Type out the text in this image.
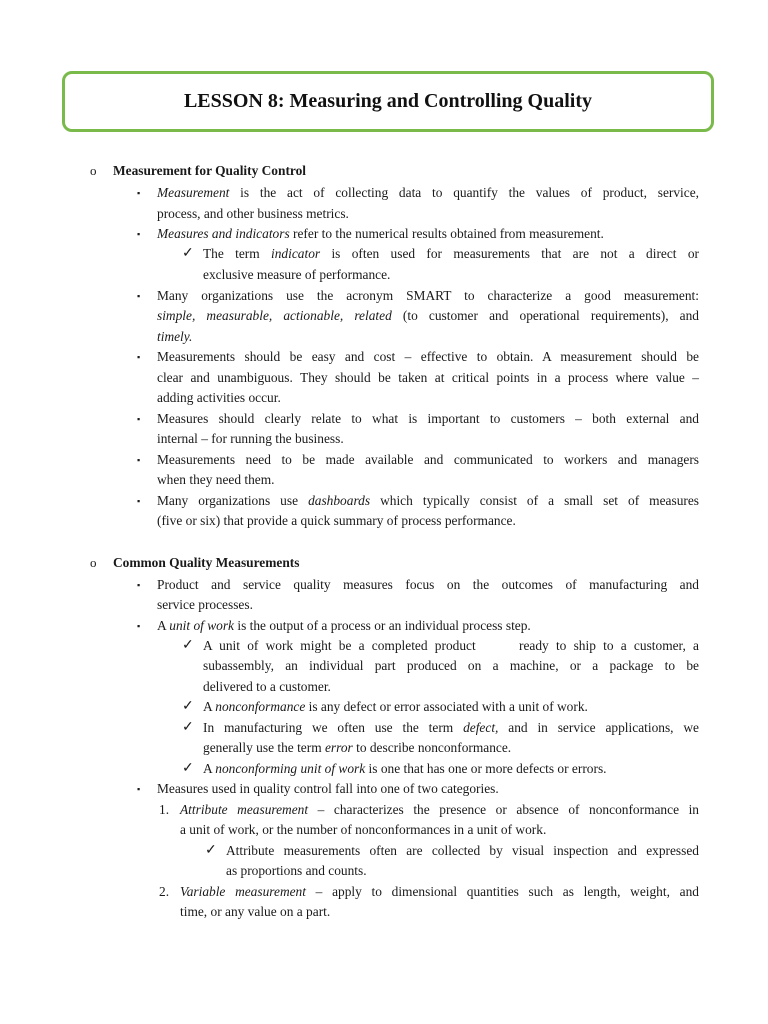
LESSON 8: Measuring and Controlling Quality
o Measurement for Quality Control
▪ Measurement is the act of collecting data to quantify the values of product, service,
process, and other business metrics.
▪ Measures and indicators refer to the numerical results obtained from measurement.
✓ The term indicator is often used for measurements that are not a direct or
exclusive measure of performance.
▪ Many organizations use the acronym SMART to characterize a good measurement:
simple, measurable, actionable, related (to customer and operational requirements), and
timely.
▪ Measurements should be easy and cost – effective to obtain. A measurement should be
clear and unambiguous. They should be taken at critical points in a process where value –
adding activities occur.
▪ Measures should clearly relate to what is important to customers – both external and
internal – for running the business.
▪ Measurements need to be made available and communicated to workers and managers
when they need them.
▪ Many organizations use dashboards which typically consist of a small set of measures
(five or six) that provide a quick summary of process performance.
o Common Quality Measurements
▪ Product and service quality measures focus on the outcomes of manufacturing and
service processes.
▪ A unit of work is the output of a process or an individual process step.
✓ A unit of work might be a completed product      ready to ship to a customer, a
subassembly, an individual part produced on a machine, or a package to be
delivered to a customer.
✓ A nonconformance is any defect or error associated with a unit of work.
✓ In manufacturing we often use the term defect, and in service applications, we
generally use the term error to describe nonconformance.
✓ A nonconforming unit of work is one that has one or more defects or errors.
▪ Measures used in quality control fall into one of two categories.
1. Attribute measurement – characterizes the presence or absence of nonconformance in
a unit of work, or the number of nonconformances in a unit of work.
✓ Attribute measurements often are collected by visual inspection and expressed
as proportions and counts.
2. Variable measurement – apply to dimensional quantities such as length, weight, and
time, or any value on a part.
